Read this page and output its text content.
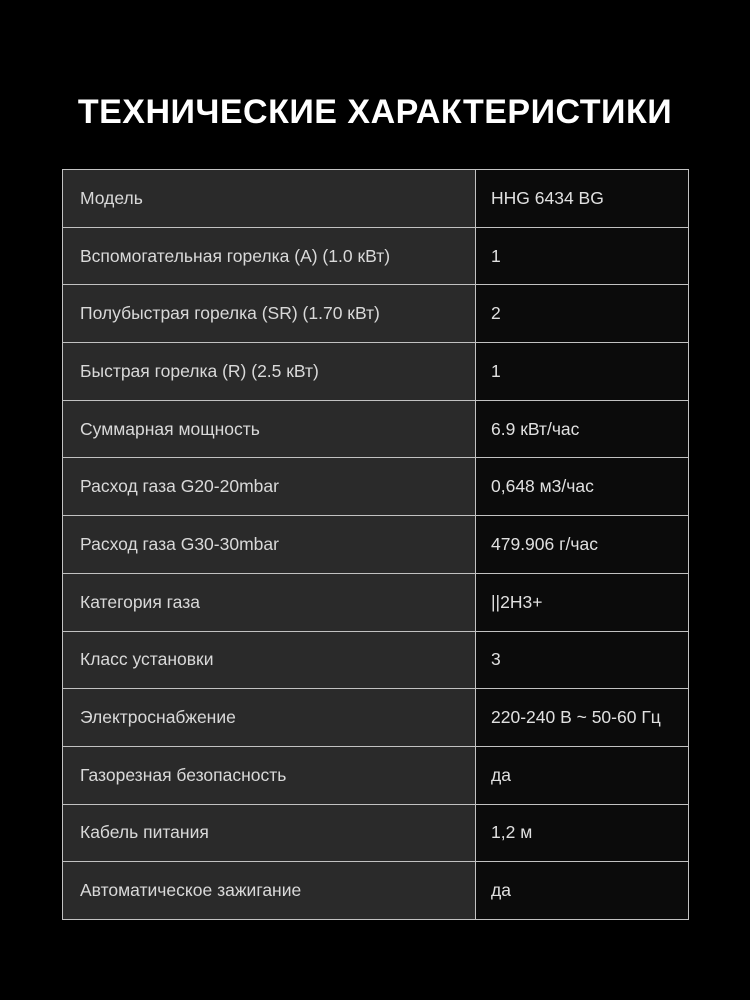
ТЕХНИЧЕСКИЕ ХАРАКТЕРИСТИКИ
Модель	HHG 6434 BG
Вспомогательная горелка (A) (1.0 кВт)	1
Полубыстрая горелка (SR) (1.70 кВт)	2
Быстрая горелка (R) (2.5 кВт)	1
Суммарная мощность	6.9 кВт/час
Расход газа G20-20mbar	0,648 м3/час
Расход газа G30-30mbar	479.906 г/час
Категория газа	||2H3+
Класс установки	3
Электроснабжение	220-240 В ~ 50-60 Гц
Газорезная безопасность	да
Кабель питания	1,2 м
Автоматическое зажигание	да
